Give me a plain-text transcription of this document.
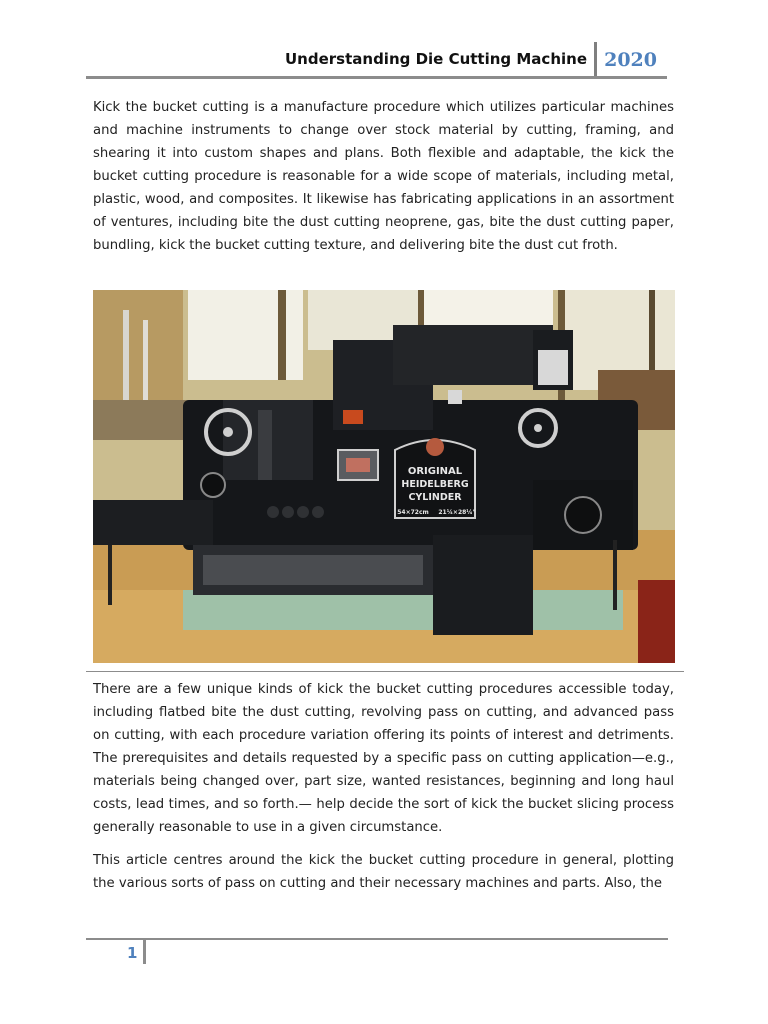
Understanding Die Cutting Machine 2020

Kick the bucket cutting is a manufacture procedure which utilizes particular machines and machine instruments to change over stock material by cutting, framing, and shearing it into custom shapes and plans. Both flexible and adaptable, the kick the bucket cutting procedure is reasonable for a wide scope of materials, including metal, plastic, wood, and composites. It likewise has fabricating applications in an assortment of ventures, including bite the dust cutting neoprene, gas, bite the dust cutting paper, bundling, kick the bucket cutting texture, and delivering bite the dust cut froth.

ORIGINAL
HEIDELBERG
CYLINDER
54×72cm 21¼×28¼"

There are a few unique kinds of kick the bucket cutting procedures accessible today, including flatbed bite the dust cutting, revolving pass on cutting, and advanced pass on cutting, with each procedure variation offering its points of interest and detriments. The prerequisites and details requested by a specific pass on cutting application—e.g., materials being changed over, part size, wanted resistances, beginning and long haul costs, lead times, and so forth.— help decide the sort of kick the bucket slicing process generally reasonable to use in a given circumstance.

This article centres around the kick the bucket cutting procedure in general, plotting the various sorts of pass on cutting and their necessary machines and parts. Also, the

1
